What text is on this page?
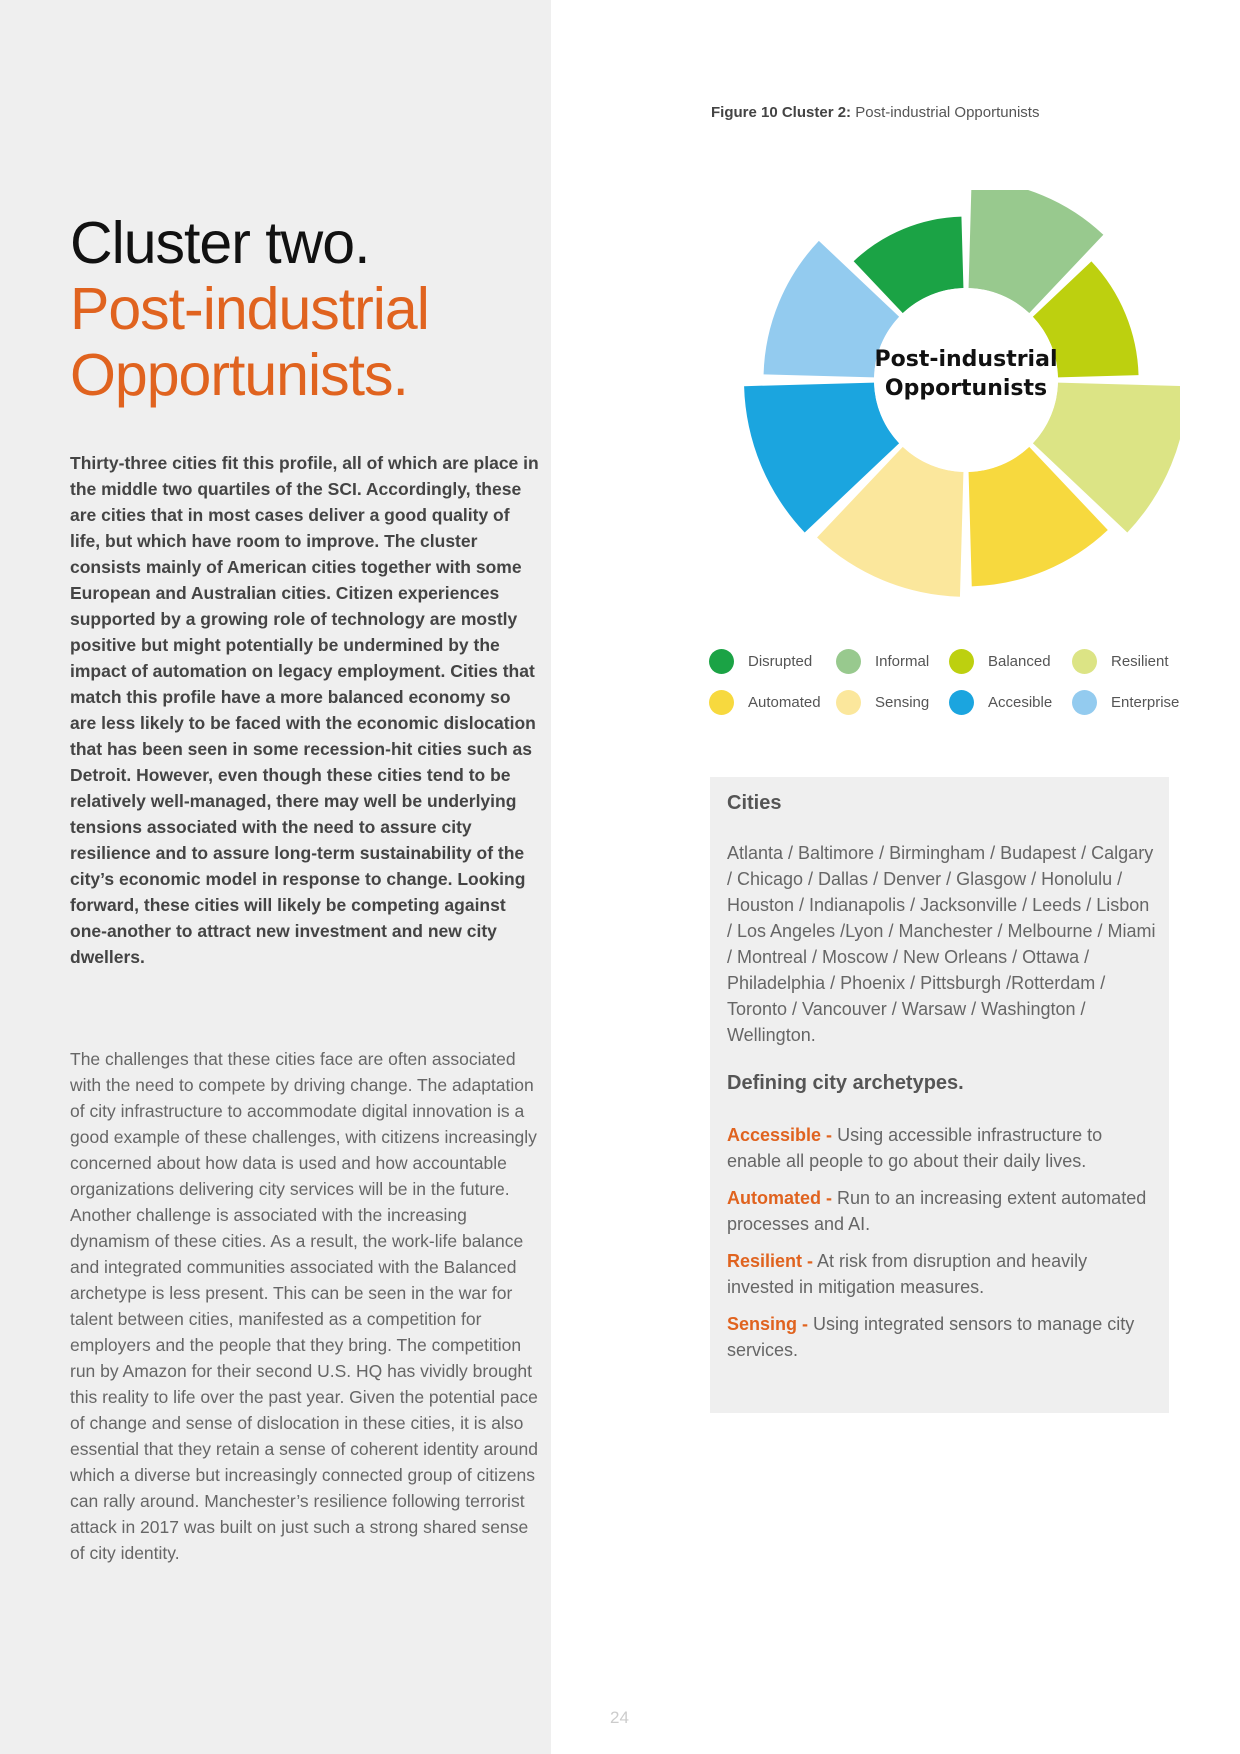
Cluster two.
Post-industrial
Opportunists.
Thirty-three cities fit this profile, all of which are place in the middle two quartiles of the SCI. Accordingly, these are cities that in most cases deliver a good quality of life, but which have room to improve. The cluster consists mainly of American cities together with some European and Australian cities. Citizen experiences supported by a growing role of technology are mostly positive but might potentially be undermined by the impact of automation on legacy employment. Cities that match this profile have a more balanced economy so are less likely to be faced with the economic dislocation that has been seen in some recession-hit cities such as Detroit. However, even though these cities tend to be relatively well-managed, there may well be underlying tensions associated with the need to assure city resilience and to assure long-term sustainability of the city’s economic model in response to change. Looking forward, these cities will likely be competing against one-another to attract new investment and new city dwellers.
The challenges that these cities face are often associated with the need to compete by driving change. The adaptation of city infrastructure to accommodate digital innovation is a good example of these challenges, with citizens increasingly concerned about how data is used and how accountable organizations delivering city services will be in the future. Another challenge is associated with the increasing dynamism of these cities. As a result, the work-life balance and integrated communities associated with the Balanced archetype is less present. This can be seen in the war for talent between cities, manifested as a competition for employers and the people that they bring. The competition run by Amazon for their second U.S. HQ has vividly brought this reality to life over the past year. Given the potential pace of change and sense of dislocation in these cities, it is also essential that they retain a sense of coherent identity around which a diverse but increasingly connected group of citizens can rally around. Manchester’s resilience following terrorist attack in 2017 was built on just such a strong shared sense of city identity.
Figure 10 Cluster 2: Post-industrial Opportunists
Post-industrial
Opportunists
Disrupted	Informal	Balanced	Resilient
Automated	Sensing	Accesible	Enterprise
Cities
Atlanta / Baltimore / Birmingham / Budapest / Calgary / Chicago / Dallas / Denver / Glasgow / Honolulu / Houston / Indianapolis / Jacksonville / Leeds / Lisbon / Los Angeles /Lyon / Manchester / Melbourne / Miami / Montreal / Moscow / New Orleans / Ottawa / Philadelphia / Phoenix / Pittsburgh /Rotterdam / Toronto / Vancouver / Warsaw / Washington / Wellington.
Defining city archetypes.
Accessible - Using accessible infrastructure to enable all people to go about their daily lives.
Automated - Run to an increasing extent automated processes and AI.
Resilient - At risk from disruption and heavily invested in mitigation measures.
Sensing - Using integrated sensors to manage city services.
24
